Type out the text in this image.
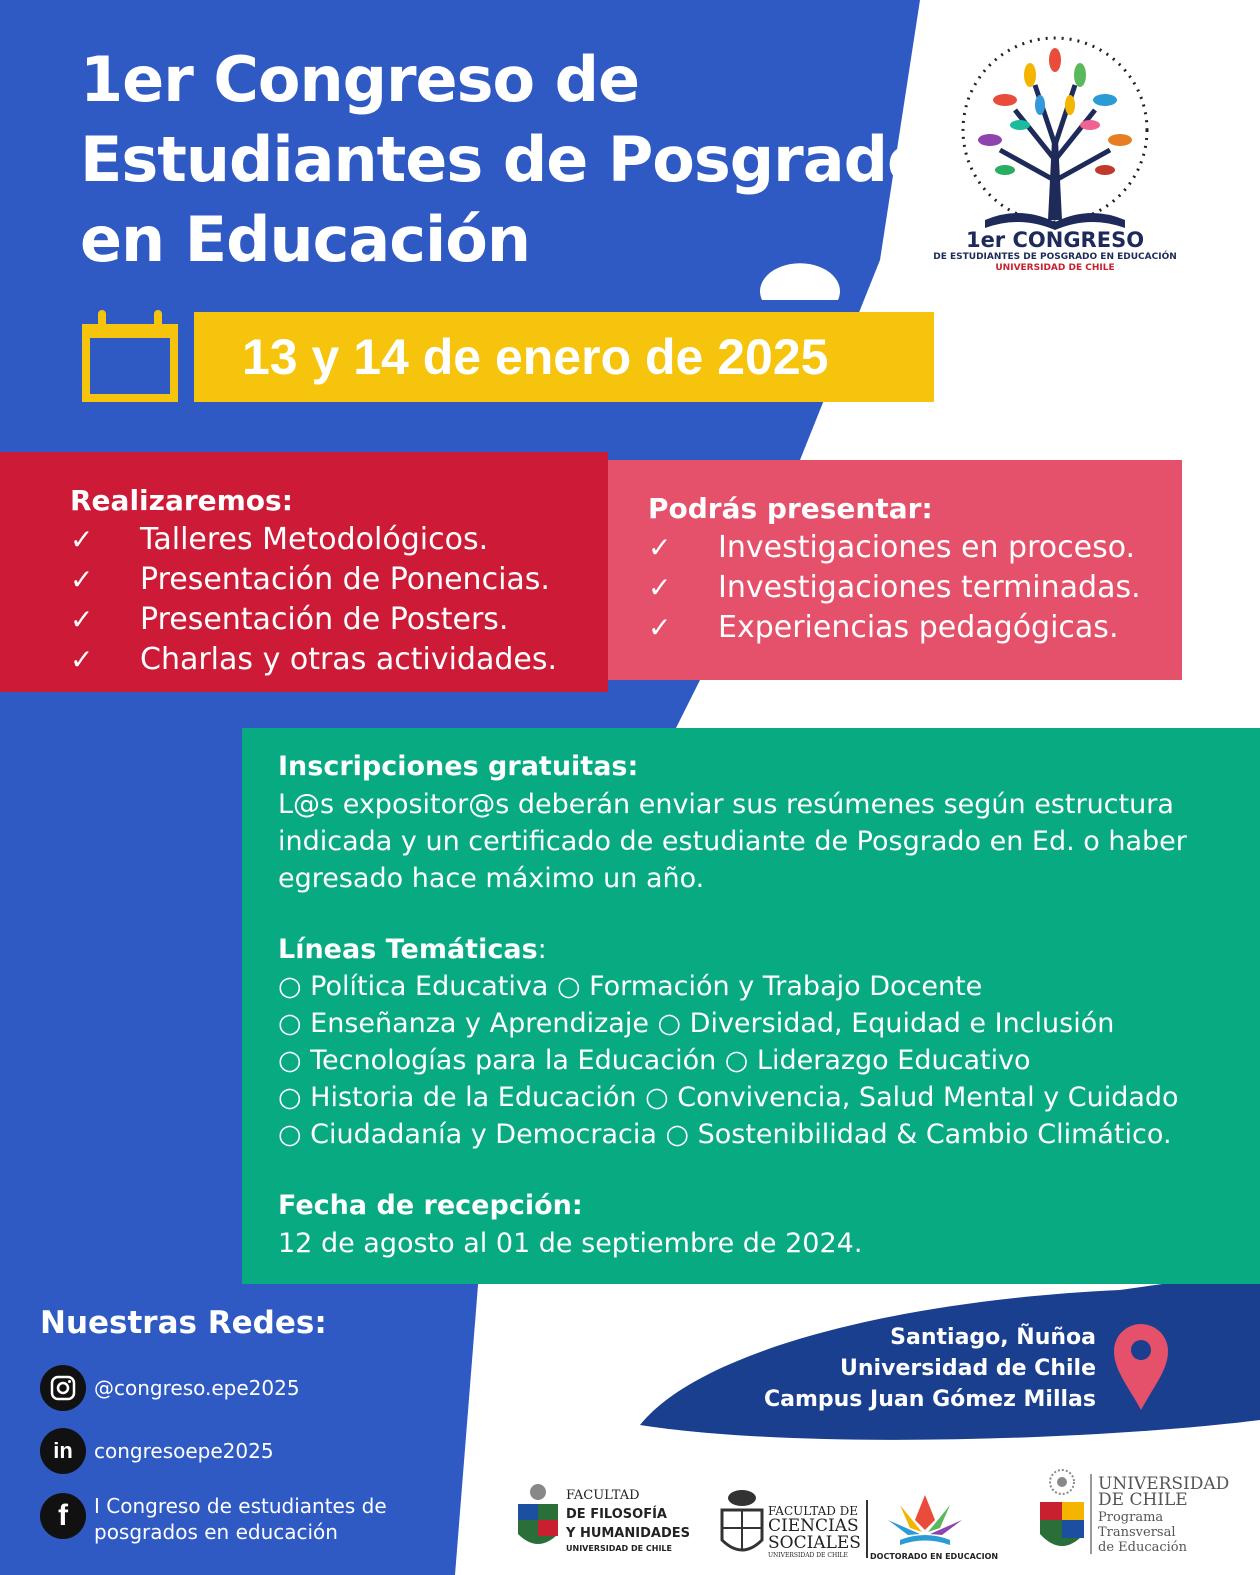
1er Congreso de
Estudiantes de Posgrado
en Educación	1er CONGRESO
DE ESTUDIANTES DE POSGRADO EN EDUCACIÓN
UNIVERSIDAD DE CHILE
13 y 14 de enero de 2025
Realizaremos:
✓ Talleres Metodológicos.
✓ Presentación de Ponencias.
✓ Presentación de Posters.
✓ Charlas y otras actividades.
Podrás presentar:
✓ Investigaciones en proceso.
✓ Investigaciones terminadas.
✓ Experiencias pedagógicas.
Inscripciones gratuitas:
L@s expositor@s deberán enviar sus resúmenes según estructura
indicada y un certificado de estudiante de Posgrado en Ed. o haber
egresado hace máximo un año.
Líneas Temáticas:
○ Política Educativa ○ Formación y Trabajo Docente
○ Enseñanza y Aprendizaje ○ Diversidad, Equidad e Inclusión
○ Tecnologías para la Educación ○ Liderazgo Educativo
○ Historia de la Educación ○ Convivencia, Salud Mental y Cuidado
○ Ciudadanía y Democracia ○ Sostenibilidad & Cambio Climático.
Fecha de recepción:
12 de agosto al 01 de septiembre de 2024.
Nuestras Redes:
@congreso.epe2025
in congresoepe2025
f I Congreso de estudiantes de
posgrados en educación
Santiago, Ñuñoa
Universidad de Chile
Campus Juan Gómez Millas
FACULTAD
DE FILOSOFÍA
Y HUMANIDADES
UNIVERSIDAD DE CHILE
FACULTAD DE
CIENCIAS
SOCIALES
UNIVERSIDAD DE CHILE	DOCTORADO EN EDUCACION
UNIVERSIDAD
DE CHILE
Programa
Transversal
de Educación
